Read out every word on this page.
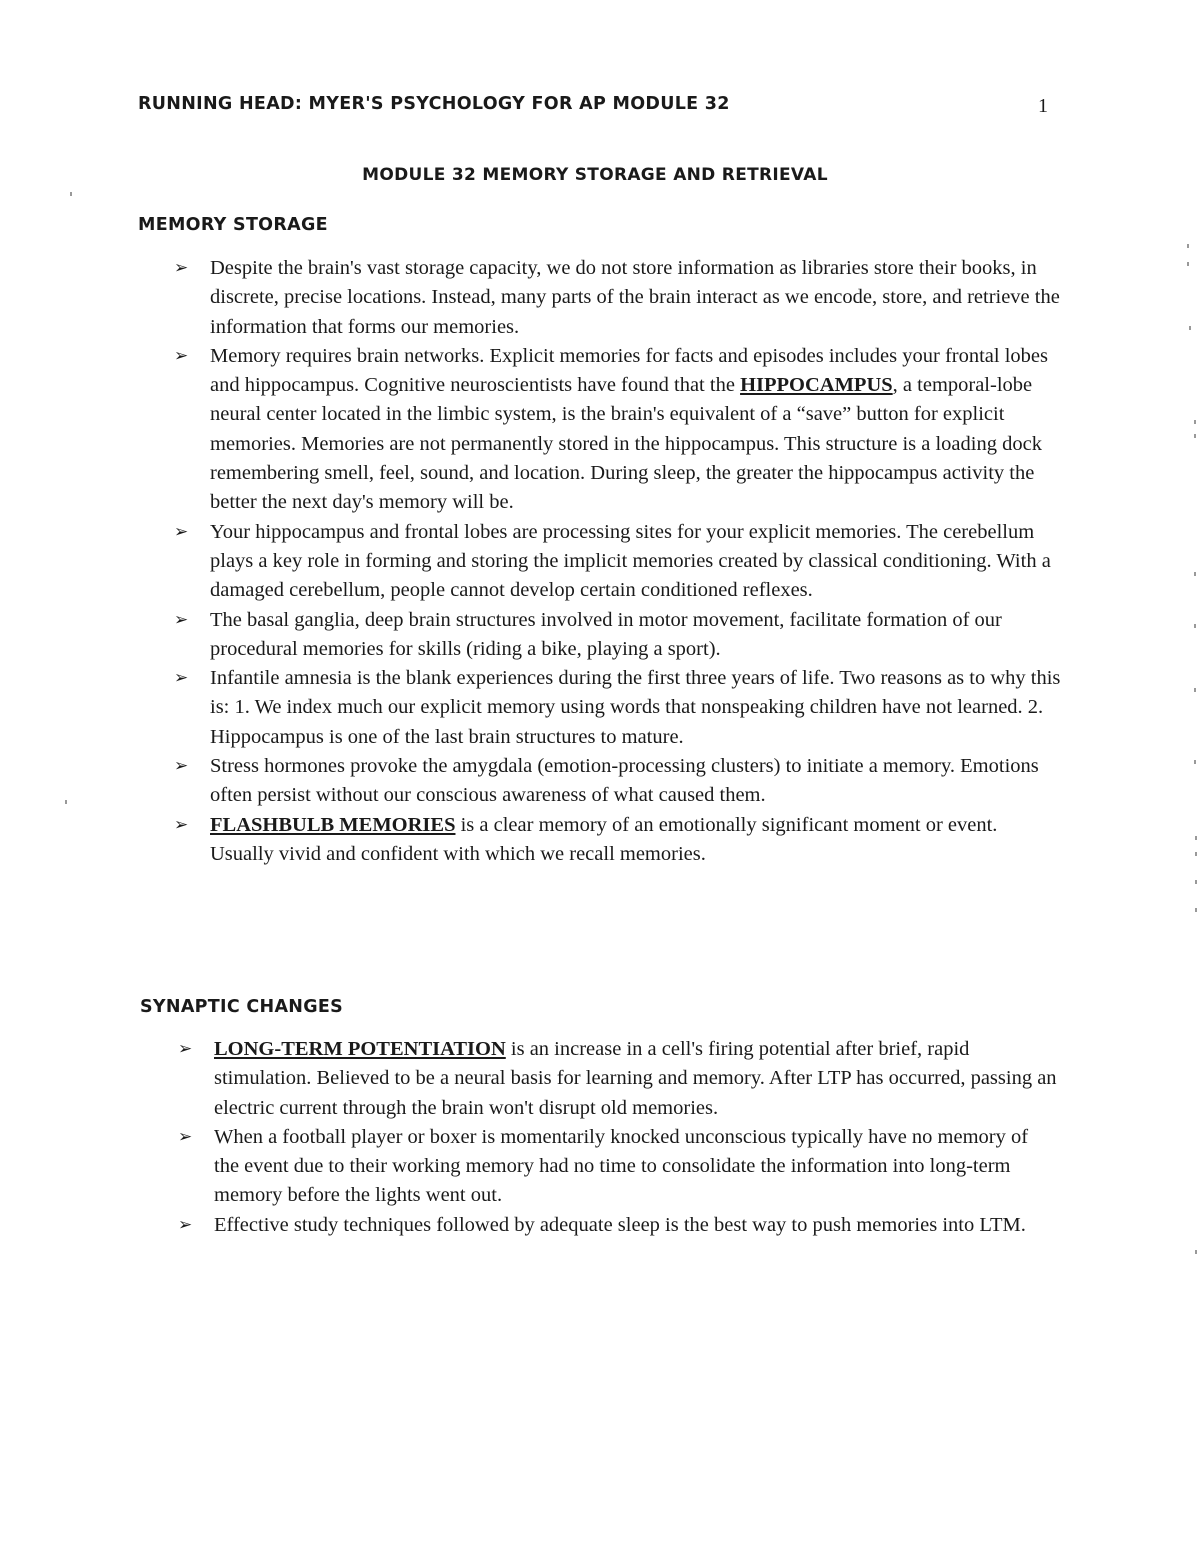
RUNNING HEAD: MYER'S PSYCHOLOGY FOR AP MODULE 32	1
MODULE 32 MEMORY STORAGE AND RETRIEVAL
MEMORY STORAGE
➢ Despite the brain's vast storage capacity, we do not store information as libraries store their books, in discrete, precise locations. Instead, many parts of the brain interact as we encode, store, and retrieve the information that forms our memories.
➢ Memory requires brain networks. Explicit memories for facts and episodes includes your frontal lobes and hippocampus. Cognitive neuroscientists have found that the HIPPOCAMPUS, a temporal-lobe neural center located in the limbic system, is the brain's equivalent of a “save” button for explicit memories. Memories are not permanently stored in the hippocampus. This structure is a loading dock remembering smell, feel, sound, and location. During sleep, the greater the hippocampus activity the better the next day's memory will be.
➢ Your hippocampus and frontal lobes are processing sites for your explicit memories. The cerebellum plays a key role in forming and storing the implicit memories created by classical conditioning. With a damaged cerebellum, people cannot develop certain conditioned reflexes.
➢ The basal ganglia, deep brain structures involved in motor movement, facilitate formation of our procedural memories for skills (riding a bike, playing a sport).
➢ Infantile amnesia is the blank experiences during the first three years of life. Two reasons as to why this is: 1. We index much our explicit memory using words that nonspeaking children have not learned. 2. Hippocampus is one of the last brain structures to mature.
➢ Stress hormones provoke the amygdala (emotion-processing clusters) to initiate a memory. Emotions often persist without our conscious awareness of what caused them.
➢ FLASHBULB MEMORIES is a clear memory of an emotionally significant moment or event. Usually vivid and confident with which we recall memories.
SYNAPTIC CHANGES
➢ LONG-TERM POTENTIATION is an increase in a cell's firing potential after brief, rapid stimulation. Believed to be a neural basis for learning and memory. After LTP has occurred, passing an electric current through the brain won't disrupt old memories.
➢ When a football player or boxer is momentarily knocked unconscious typically have no memory of the event due to their working memory had no time to consolidate the information into long-term memory before the lights went out.
➢ Effective study techniques followed by adequate sleep is the best way to push memories into LTM.
